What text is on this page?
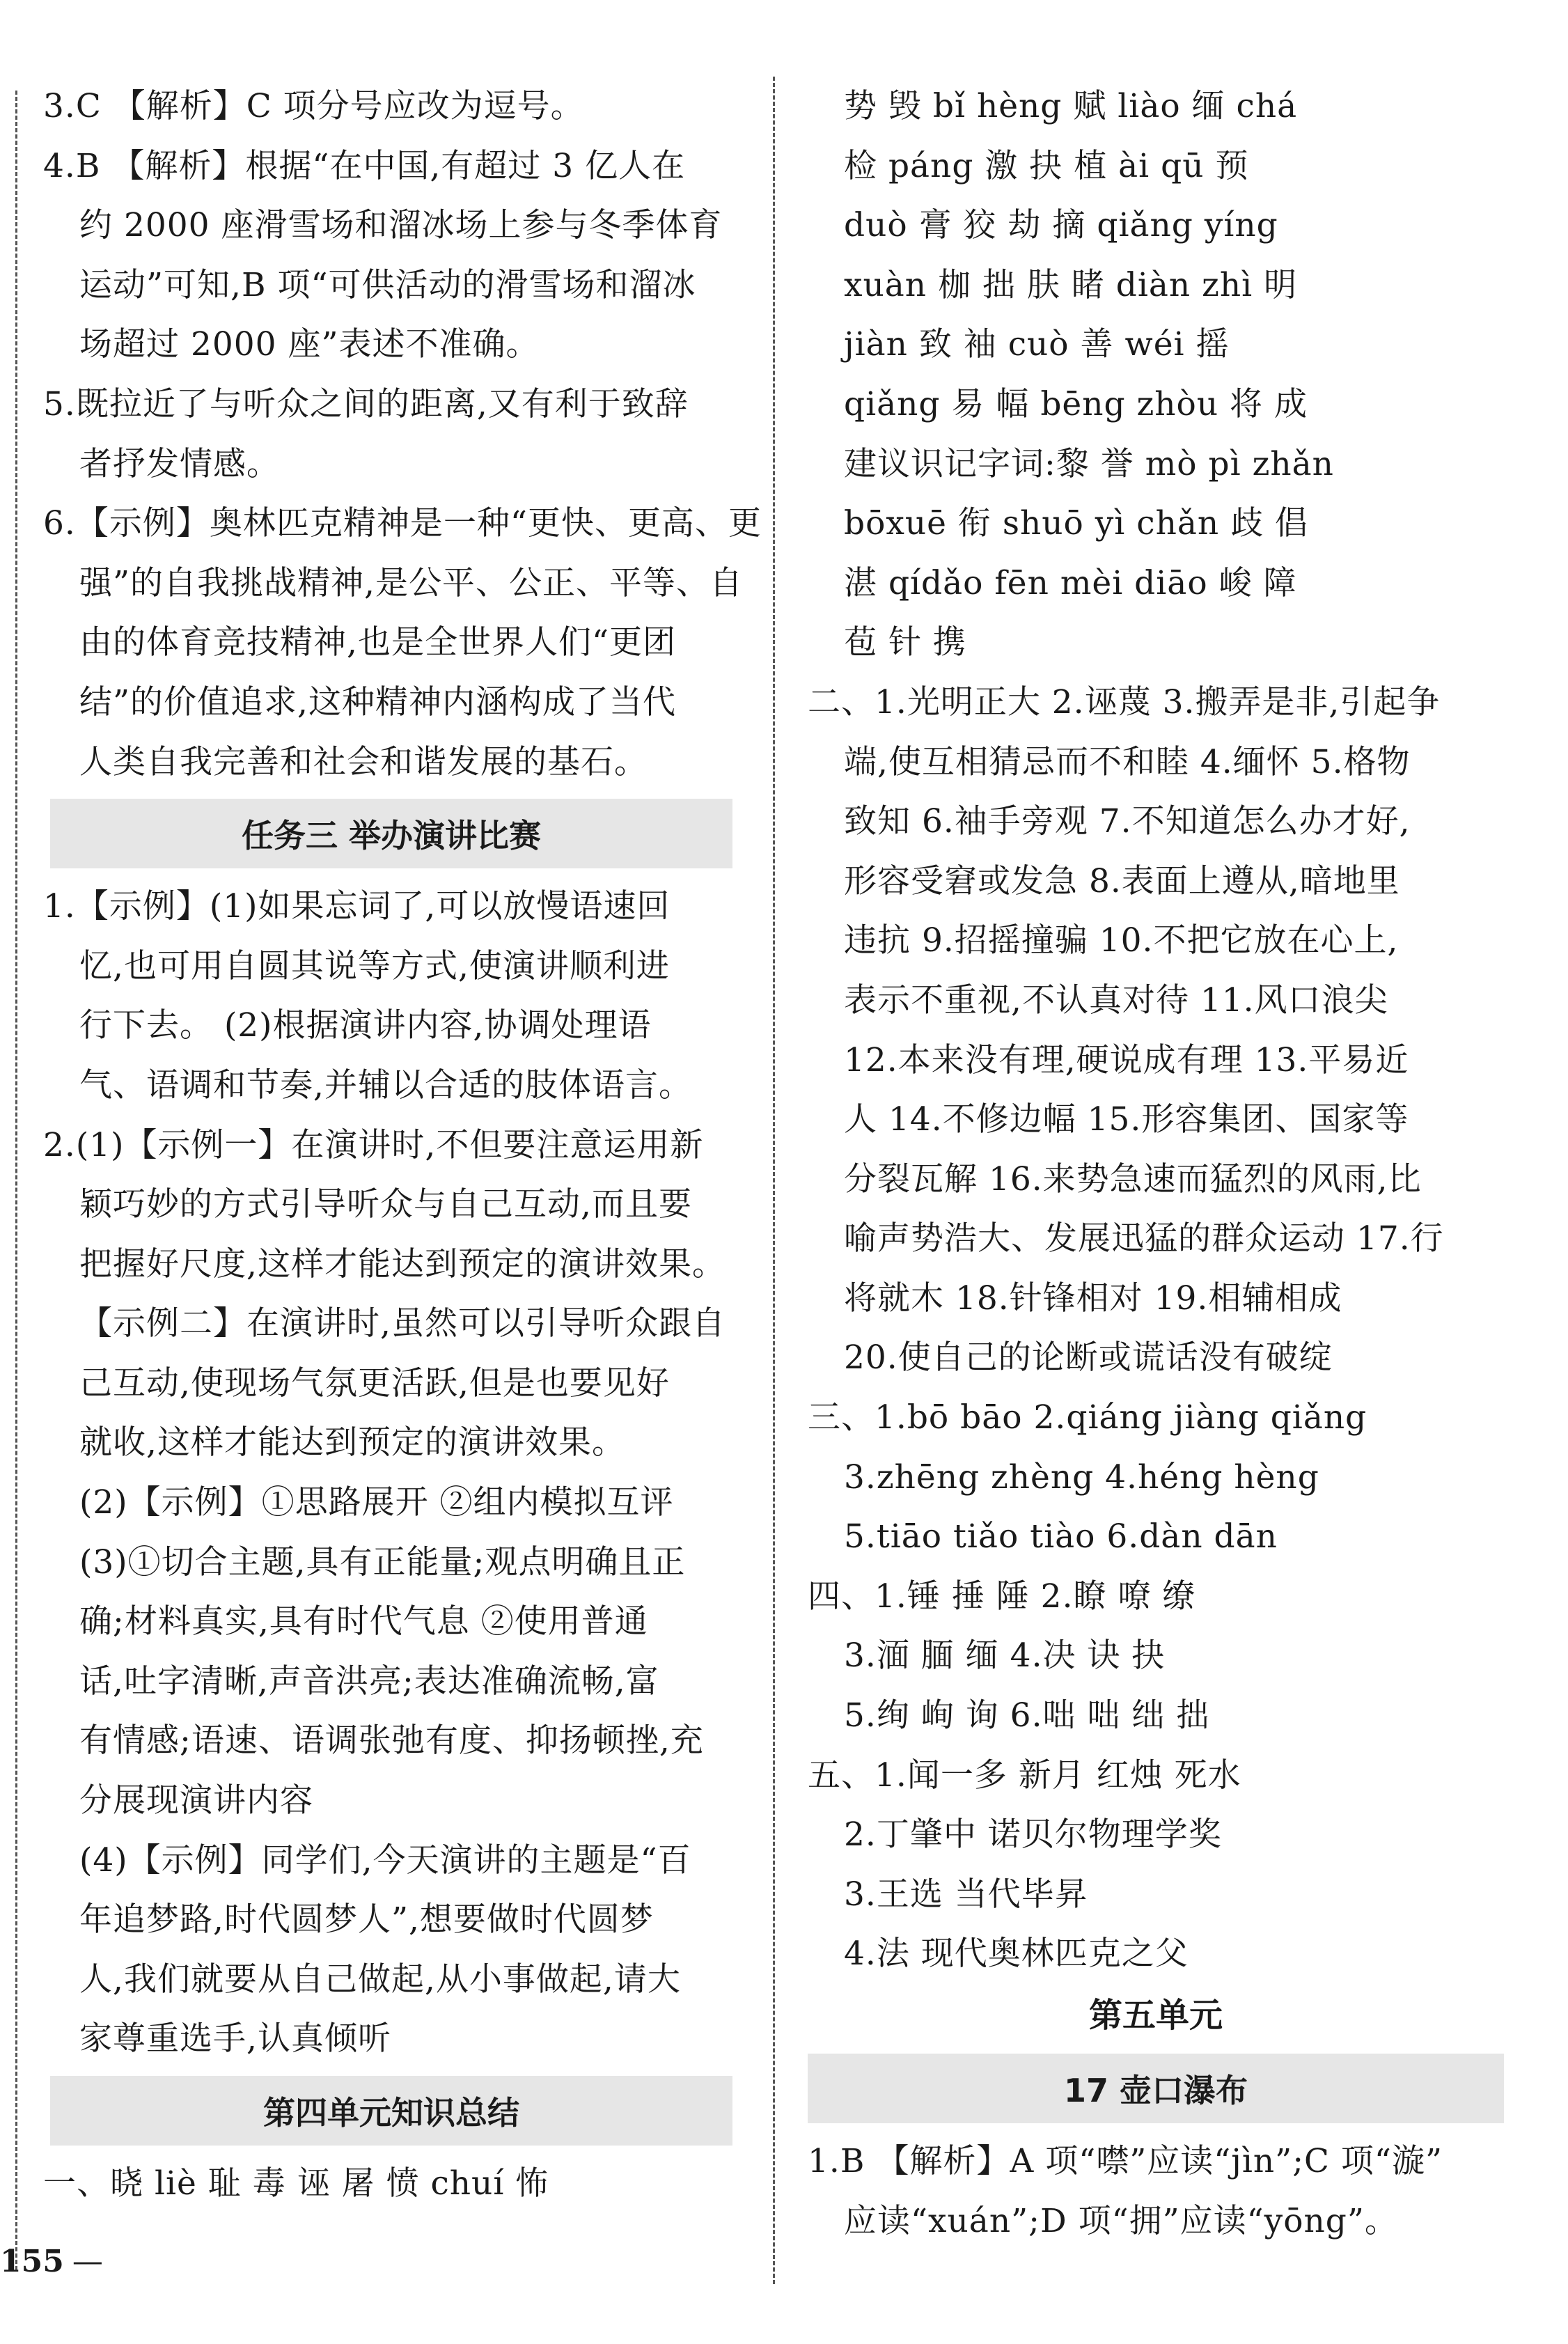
3.C 【解析】C 项分号应改为逗号。
4.B 【解析】根据“在中国,有超过 3 亿人在
约 2000 座滑雪场和溜冰场上参与冬季体育
运动”可知,B 项“可供活动的滑雪场和溜冰
场超过 2000 座”表述不准确。
5.既拉近了与听众之间的距离,又有利于致辞
者抒发情感。
6.【示例】奥林匹克精神是一种“更快、更高、更
强”的自我挑战精神,是公平、公正、平等、自
由的体育竞技精神,也是全世界人们“更团
结”的价值追求,这种精神内涵构成了当代
人类自我完善和社会和谐发展的基石。
任务三 举办演讲比赛
1.【示例】(1)如果忘词了,可以放慢语速回
忆,也可用自圆其说等方式,使演讲顺利进
行下去。 (2)根据演讲内容,协调处理语
气、语调和节奏,并辅以合适的肢体语言。
2.(1)【示例一】在演讲时,不但要注意运用新
颖巧妙的方式引导听众与自己互动,而且要
把握好尺度,这样才能达到预定的演讲效果。
【示例二】在演讲时,虽然可以引导听众跟自
己互动,使现场气氛更活跃,但是也要见好
就收,这样才能达到预定的演讲效果。
(2)【示例】①思路展开 ②组内模拟互评
(3)①切合主题,具有正能量;观点明确且正
确;材料真实,具有时代气息 ②使用普通
话,吐字清晰,声音洪亮;表达准确流畅,富
有情感;语速、语调张弛有度、抑扬顿挫,充
分展现演讲内容
(4)【示例】同学们,今天演讲的主题是“百
年追梦路,时代圆梦人”,想要做时代圆梦
人,我们就要从自己做起,从小事做起,请大
家尊重选手,认真倾听
第四单元知识总结
一、晓 liè 耻 毒 诬 屠 愤 chuí 怖
势 毁 bǐ hèng 赋 liào 缅 chá
检 páng 激 抉 植 ài qū 预
duò 膏 狡 劫 摘 qiǎng yíng
xuàn 枷 拙 肤 睹 diàn zhì 明
jiàn 致 袖 cuò 善 wéi 摇
qiǎng 易 幅 bēng zhòu 将 成
建议识记字词:黎 誉 mò pì zhǎn
bōxuē 衔 shuō yì chǎn 歧 倡
湛 qídǎo fēn mèi diāo 峻 障
苞 针 携
二、1.光明正大 2.诬蔑 3.搬弄是非,引起争
端,使互相猜忌而不和睦 4.缅怀 5.格物
致知 6.袖手旁观 7.不知道怎么办才好,
形容受窘或发急 8.表面上遵从,暗地里
违抗 9.招摇撞骗 10.不把它放在心上,
表示不重视,不认真对待 11.风口浪尖
12.本来没有理,硬说成有理 13.平易近
人 14.不修边幅 15.形容集团、国家等
分裂瓦解 16.来势急速而猛烈的风雨,比
喻声势浩大、发展迅猛的群众运动 17.行
将就木 18.针锋相对 19.相辅相成
20.使自己的论断或谎话没有破绽
三、1.bō bāo 2.qiáng jiàng qiǎng
3.zhēng zhèng 4.héng hèng
5.tiāo tiǎo tiào 6.dàn dān
四、1.锤 捶 陲 2.瞭 嘹 缭
3.湎 腼 缅 4.决 诀 抉
5.绚 峋 询 6.咄 咄 绌 拙
五、1.闻一多 新月 红烛 死水
2.丁肇中 诺贝尔物理学奖
3.王选 当代毕昇
4.法 现代奥林匹克之父
第五单元
17 壶口瀑布
1.B 【解析】A 项“噤”应读“jìn”;C 项“漩”
应读“xuán”;D 项“拥”应读“yōng”。
155 —
